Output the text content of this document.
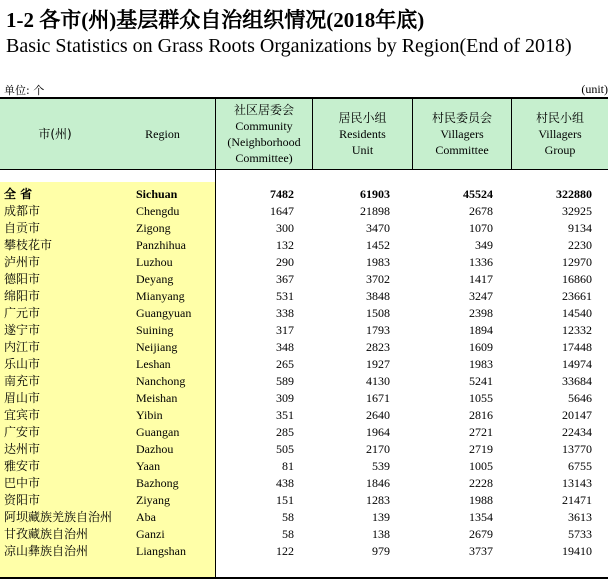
1-2 各市(州)基层群众自治组织情况(2018年底)
Basic Statistics on Grass Roots Organizations by Region(End of 2018)
单位: 个	(unit)
市(州)	Region
社区居委会
Community
(Neighborhood
Committee)
居民小组
Residents
Unit
村民委员会
Villagers
Committee
村民小组
Villagers
Group
全 省	Sichuan	7482	61903	45524	322880
成都市	Chengdu	1647	21898	2678	32925
自贡市	Zigong	300	3470	1070	9134
攀枝花市	Panzhihua	132	1452	349	2230
泸州市	Luzhou	290	1983	1336	12970
德阳市	Deyang	367	3702	1417	16860
绵阳市	Mianyang	531	3848	3247	23661
广元市	Guangyuan	338	1508	2398	14540
遂宁市	Suining	317	1793	1894	12332
内江市	Neijiang	348	2823	1609	17448
乐山市	Leshan	265	1927	1983	14974
南充市	Nanchong	589	4130	5241	33684
眉山市	Meishan	309	1671	1055	5646
宜宾市	Yibin	351	2640	2816	20147
广安市	Guangan	285	1964	2721	22434
达州市	Dazhou	505	2170	2719	13770
雅安市	Yaan	81	539	1005	6755
巴中市	Bazhong	438	1846	2228	13143
资阳市	Ziyang	151	1283	1988	21471
阿坝藏族羌族自治州 Aba	58	139	1354	3613
甘孜藏族自治州	Ganzi	58	138	2679	5733
凉山彝族自治州	Liangshan	122	979	3737	19410
